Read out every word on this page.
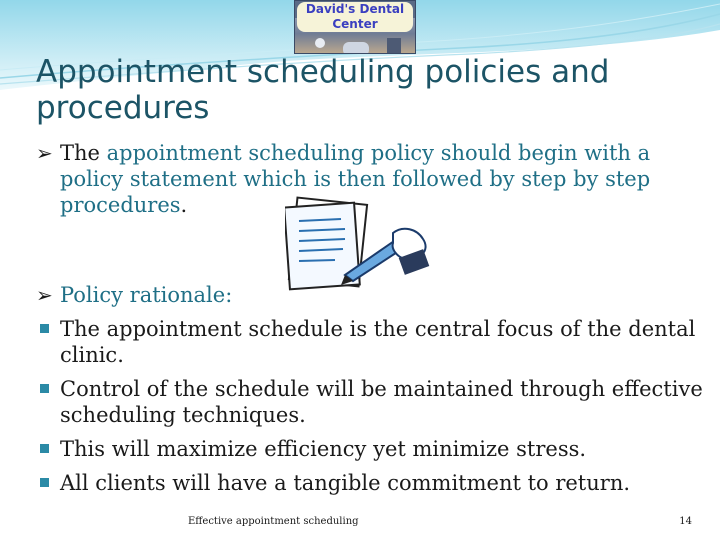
David's Dental Center
Appointment scheduling policies and procedures
➢ The appointment scheduling policy should begin with a policy statement which is then followed by step by step procedures.
➢ Policy rationale:
The appointment schedule is the central focus of the dental clinic.
Control of the schedule will be maintained through effective scheduling techniques.
This will maximize efficiency yet minimize stress.
All clients will have a tangible commitment to return.
Effective appointment scheduling	14
